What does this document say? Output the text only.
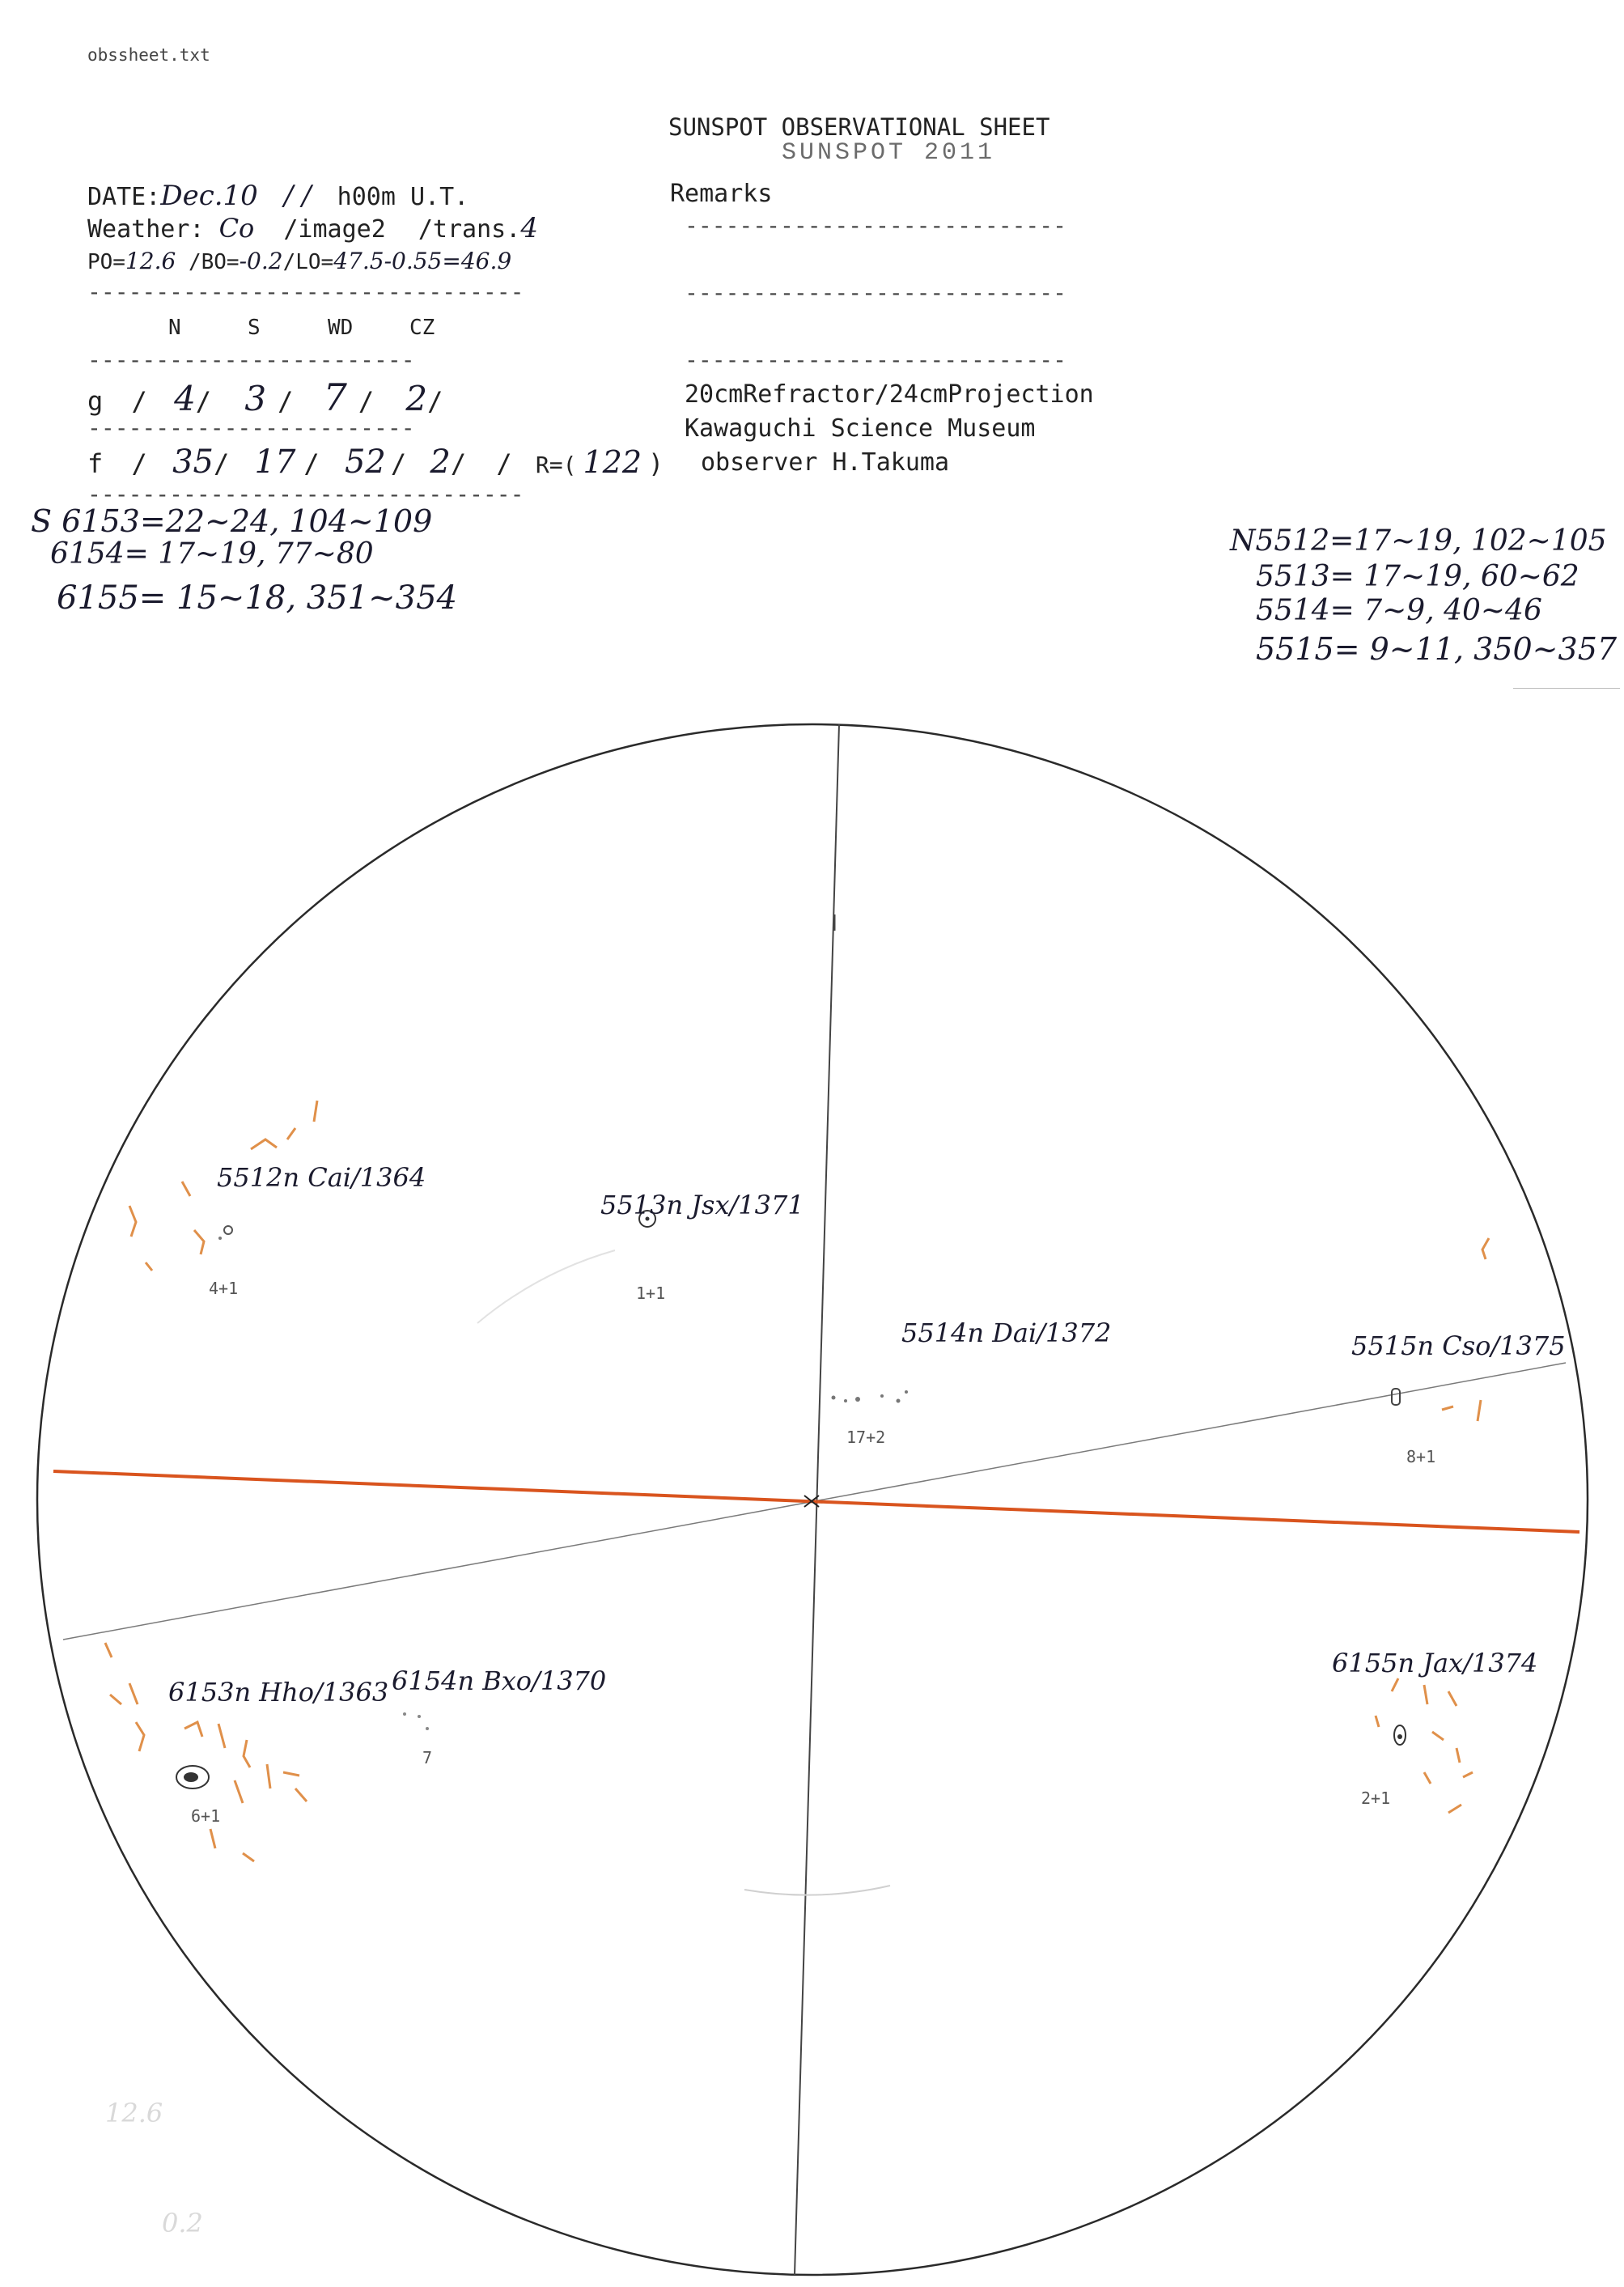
obssheet.txt
SUNSPOT OBSERVATIONAL SHEET
SUNSPOT 2011
Remarks
----------------------------
----------------------------
----------------------------
20cmRefractor/24cmProjection
Kawaguchi Science Museum
observer H.Takuma
DATE:Dec.10 / / h00m U.T.
Weather: Co /image2 /trans.4
PO=12.6 /BO=-0.2/LO=47.5-0.55=46.9
--------------------------------
N	S	WD	CZ
------------------------
g / 4/ 3 / 7 / 2/
------------------------
f / 35/ 17 / 52 / 2/ / R=( 122 )
--------------------------------
S 6153=22~24, 104~109
6154= 17~19, 77~80
6155= 15~18, 351~354
N5512=17~19, 102~105
5513= 17~19, 60~62
5514= 7~9, 40~46
5515= 9~11, 350~357
5512n Cai/1364
4+1
5513n Jsx/1371
1+1
5514n Dai/1372
17+2
5515n Cso/1375
8+1
6153n Hho/1363
6+1
6154n Bxo/1370
7
6155n Jax/1374
2+1
12.6
0.2
